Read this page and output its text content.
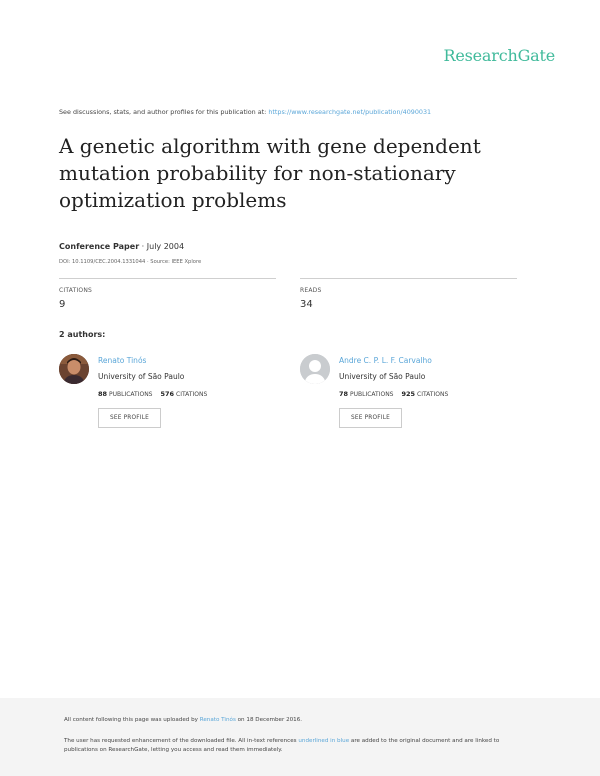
ResearchGate
See discussions, stats, and author profiles for this publication at: https://www.researchgate.net/publication/4090031
A genetic algorithm with gene dependent mutation probability for non-stationary optimization problems
Conference Paper · July 2004
DOI: 10.1109/CEC.2004.1331044 · Source: IEEE Xplore
CITATIONS
9
READS
34
2 authors:
Renato Tinós
University of São Paulo
88 PUBLICATIONS 576 CITATIONS
SEE PROFILE
Andre C. P. L. F. Carvalho
University of São Paulo
78 PUBLICATIONS 925 CITATIONS
SEE PROFILE
All content following this page was uploaded by Renato Tinós on 18 December 2016.
The user has requested enhancement of the downloaded file. All in-text references underlined in blue are added to the original document and are linked to publications on ResearchGate, letting you access and read them immediately.
